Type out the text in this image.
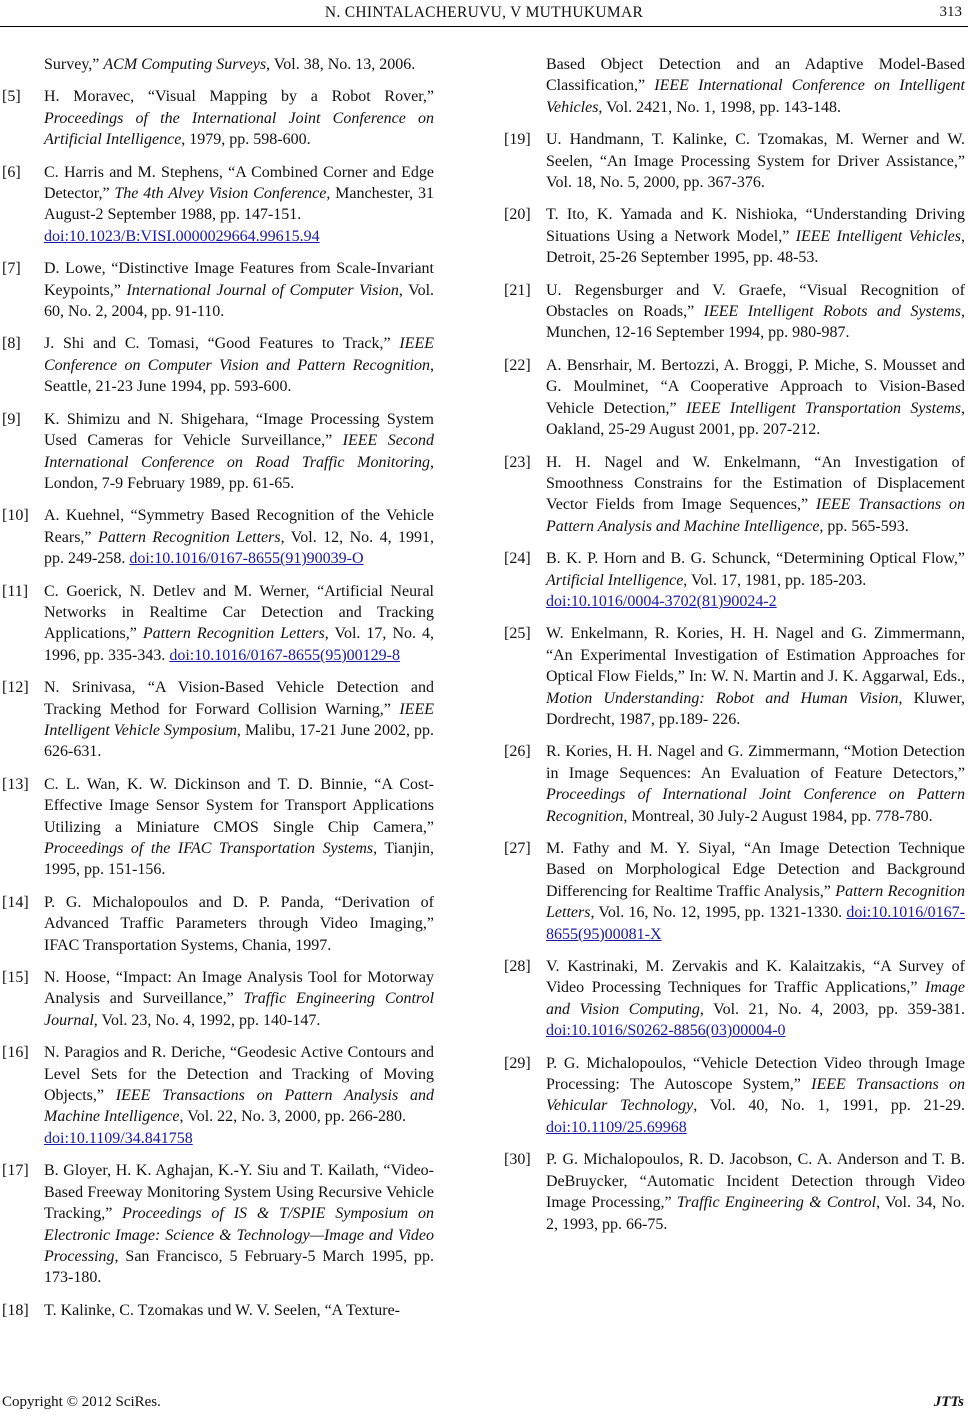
N. CHINTALACHERUVU, V MUTHUKUMAR	313
Survey,” ACM Computing Surveys, Vol. 38, No. 13, 2006.
[5] H. Moravec, “Visual Mapping by a Robot Rover,” Proceedings of the International Joint Conference on Artificial Intelligence, 1979, pp. 598-600.
[6] C. Harris and M. Stephens, “A Combined Corner and Edge Detector,” The 4th Alvey Vision Conference, Manchester, 31 August-2 September 1988, pp. 147-151.
doi:10.1023/B:VISI.0000029664.99615.94
[7] D. Lowe, “Distinctive Image Features from Scale-Invariant Keypoints,” International Journal of Computer Vision, Vol. 60, No. 2, 2004, pp. 91-110.
[8] J. Shi and C. Tomasi, “Good Features to Track,” IEEE Conference on Computer Vision and Pattern Recognition, Seattle, 21-23 June 1994, pp. 593-600.
[9] K. Shimizu and N. Shigehara, “Image Processing System Used Cameras for Vehicle Surveillance,” IEEE Second International Conference on Road Traffic Monitoring, London, 7-9 February 1989, pp. 61-65.
[10] A. Kuehnel, “Symmetry Based Recognition of the Vehicle Rears,” Pattern Recognition Letters, Vol. 12, No. 4, 1991, pp. 249-258. doi:10.1016/0167-8655(91)90039-O
[11] C. Goerick, N. Detlev and M. Werner, “Artificial Neural Networks in Realtime Car Detection and Tracking Applications,” Pattern Recognition Letters, Vol. 17, No. 4, 1996, pp. 335-343. doi:10.1016/0167-8655(95)00129-8
[12] N. Srinivasa, “A Vision-Based Vehicle Detection and Tracking Method for Forward Collision Warning,” IEEE Intelligent Vehicle Symposium, Malibu, 17-21 June 2002, pp. 626-631.
[13] C. L. Wan, K. W. Dickinson and T. D. Binnie, “A Cost-Effective Image Sensor System for Transport Applications Utilizing a Miniature CMOS Single Chip Camera,” Proceedings of the IFAC Transportation Systems, Tianjin, 1995, pp. 151-156.
[14] P. G. Michalopoulos and D. P. Panda, “Derivation of Advanced Traffic Parameters through Video Imaging,” IFAC Transportation Systems, Chania, 1997.
[15] N. Hoose, “Impact: An Image Analysis Tool for Motorway Analysis and Surveillance,” Traffic Engineering Control Journal, Vol. 23, No. 4, 1992, pp. 140-147.
[16] N. Paragios and R. Deriche, “Geodesic Active Contours and Level Sets for the Detection and Tracking of Moving Objects,” IEEE Transactions on Pattern Analysis and Machine Intelligence, Vol. 22, No. 3, 2000, pp. 266-280.
doi:10.1109/34.841758
[17] B. Gloyer, H. K. Aghajan, K.-Y. Siu and T. Kailath, “Video-Based Freeway Monitoring System Using Recursive Vehicle Tracking,” Proceedings of IS & T/SPIE Symposium on Electronic Image: Science & Technology—Image and Video Processing, San Francisco, 5 February-5 March 1995, pp. 173-180.
[18] T. Kalinke, C. Tzomakas und W. V. Seelen, “A Texture-
Based Object Detection and an Adaptive Model-Based Classification,” IEEE International Conference on Intelligent Vehicles, Vol. 2421, No. 1, 1998, pp. 143-148.
[19] U. Handmann, T. Kalinke, C. Tzomakas, M. Werner and W. Seelen, “An Image Processing System for Driver Assistance,” Vol. 18, No. 5, 2000, pp. 367-376.
[20] T. Ito, K. Yamada and K. Nishioka, “Understanding Driving Situations Using a Network Model,” IEEE Intelligent Vehicles, Detroit, 25-26 September 1995, pp. 48-53.
[21] U. Regensburger and V. Graefe, “Visual Recognition of Obstacles on Roads,” IEEE Intelligent Robots and Systems, Munchen, 12-16 September 1994, pp. 980-987.
[22] A. Bensrhair, M. Bertozzi, A. Broggi, P. Miche, S. Mousset and G. Moulminet, “A Cooperative Approach to Vision-Based Vehicle Detection,” IEEE Intelligent Transportation Systems, Oakland, 25-29 August 2001, pp. 207-212.
[23] H. H. Nagel and W. Enkelmann, “An Investigation of Smoothness Constrains for the Estimation of Displacement Vector Fields from Image Sequences,” IEEE Transactions on Pattern Analysis and Machine Intelligence, pp. 565-593.
[24] B. K. P. Horn and B. G. Schunck, “Determining Optical Flow,” Artificial Intelligence, Vol. 17, 1981, pp. 185-203.
doi:10.1016/0004-3702(81)90024-2
[25] W. Enkelmann, R. Kories, H. H. Nagel and G. Zimmermann, “An Experimental Investigation of Estimation Approaches for Optical Flow Fields,” In: W. N. Martin and J. K. Aggarwal, Eds., Motion Understanding: Robot and Human Vision, Kluwer, Dordrecht, 1987, pp.189- 226.
[26] R. Kories, H. H. Nagel and G. Zimmermann, “Motion Detection in Image Sequences: An Evaluation of Feature Detectors,” Proceedings of International Joint Conference on Pattern Recognition, Montreal, 30 July-2 August 1984, pp. 778-780.
[27] M. Fathy and M. Y. Siyal, “An Image Detection Technique Based on Morphological Edge Detection and Background Differencing for Realtime Traffic Analysis,” Pattern Recognition Letters, Vol. 16, No. 12, 1995, pp. 1321-1330. doi:10.1016/0167-8655(95)00081-X
[28] V. Kastrinaki, M. Zervakis and K. Kalaitzakis, “A Survey of Video Processing Techniques for Traffic Applications,” Image and Vision Computing, Vol. 21, No. 4, 2003, pp. 359-381. doi:10.1016/S0262-8856(03)00004-0
[29] P. G. Michalopoulos, “Vehicle Detection Video through Image Processing: The Autoscope System,” IEEE Transactions on Vehicular Technology, Vol. 40, No. 1, 1991, pp. 21-29. doi:10.1109/25.69968
[30] P. G. Michalopoulos, R. D. Jacobson, C. A. Anderson and T. B. DeBruycker, “Automatic Incident Detection through Video Image Processing,” Traffic Engineering & Control, Vol. 34, No. 2, 1993, pp. 66-75.
Copyright © 2012 SciRes.	JTTs
